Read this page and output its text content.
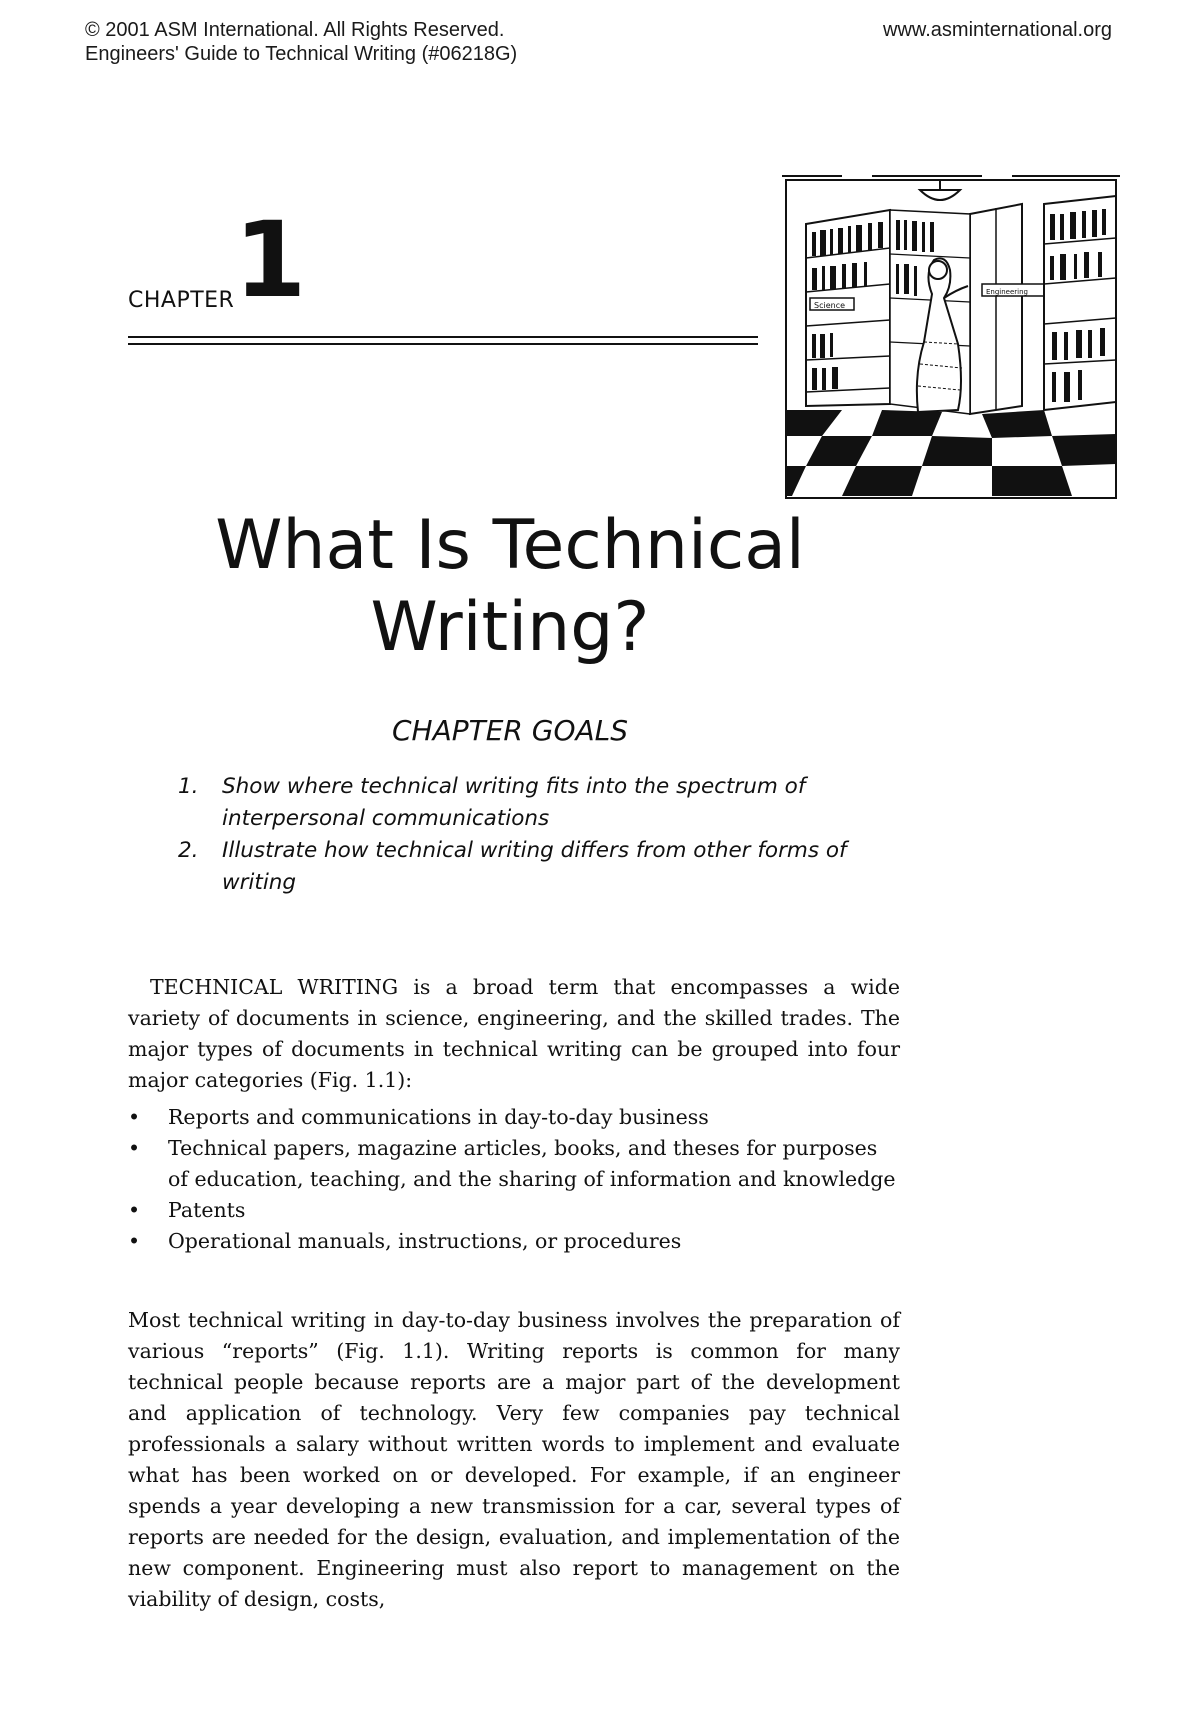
© 2001 ASM International. All Rights Reserved.
Engineers' Guide to Technical Writing (#06218G)
www.asminternational.org
CHAPTER 1	Science
Engineering
What Is Technical
Writing?
CHAPTER GOALS
1. Show where technical writing fits into the spectrum of interpersonal communications
2. Illustrate how technical writing differs from other forms of writing

TECHNICAL WRITING is a broad term that encompasses a wide variety of documents in science, engineering, and the skilled trades. The major types of documents in technical writing can be grouped into four major categories (Fig. 1.1):

• Reports and communications in day-to-day business
• Technical papers, magazine articles, books, and theses for purposes of education, teaching, and the sharing of information and knowledge
• Patents
• Operational manuals, instructions, or procedures

Most technical writing in day-to-day business involves the preparation of various “reports” (Fig. 1.1). Writing reports is common for many technical people because reports are a major part of the development and application of technology. Very few companies pay technical professionals a salary without written words to implement and evaluate what has been worked on or developed. For example, if an engineer spends a year developing a new transmission for a car, several types of reports are needed for the design, evaluation, and implementation of the new component. Engineering must also report to management on the viability of design, costs,
